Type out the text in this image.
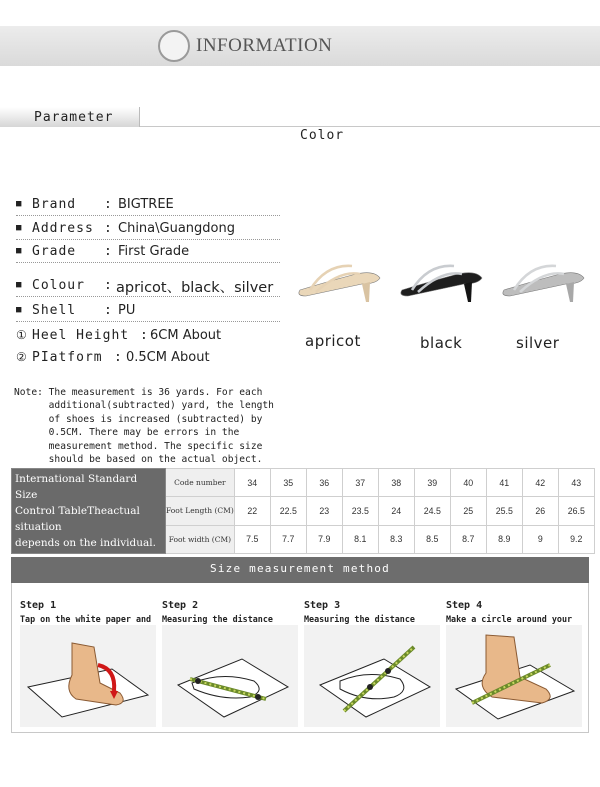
INFORMATION
Parameter
Color
■ Brand : BIGTREE
■ Address : China\Guangdong
■ Grade : First Grade
■ Colour : apricot、black、silver
■ Shell : PU
① Heel Height : 6CM About
② PIatform : 0.5CM About
apricot	black	silver
Note: The measurement is 36 yards. For each
additional(subtracted) yard, the length
of shoes is increased (subtracted) by
0.5CM. There may be errors in the
measurement method. The specific size
should be based on the actual object.
International Standard Size
Control TableTheactual situation
depends on the individual.	Code number	34	35	36	37	38	39	40	41	42	43
	Foot Length (CM)	22	22.5	23	23.5	24	24.5	25	25.5	26	26.5
	Foot width (CM)	7.5	7.7	7.9	8.1	8.3	8.5	8.7	8.9	9	9.2
Size measurement method
Step 1
Tap on the white paper and
Step 2
Measuring the distance
Step 3
Measuring the distance
Step 4
Make a circle around your
